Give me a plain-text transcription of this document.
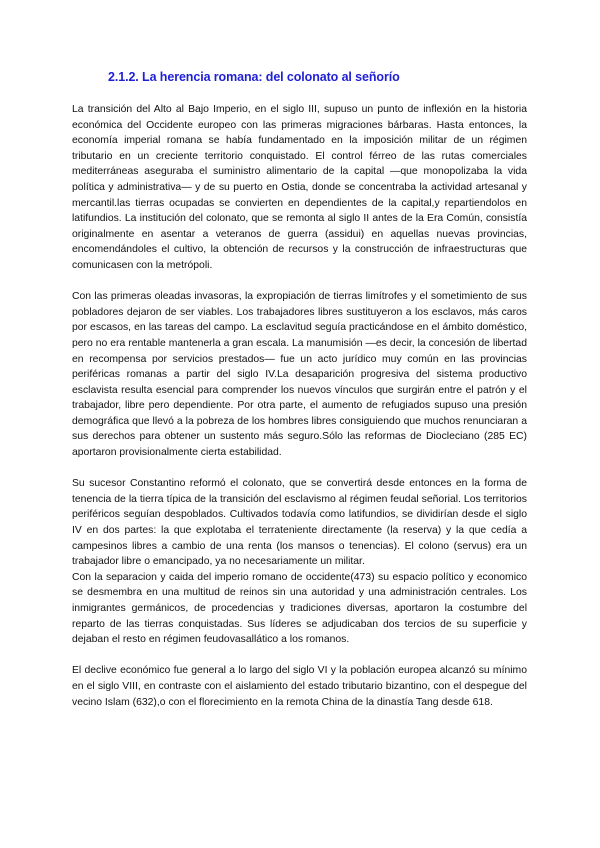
2.1.2. La herencia romana: del colonato al señorío

La transición del Alto al Bajo Imperio, en el siglo III, supuso un punto de inflexión en la historia económica del Occidente europeo con las primeras migraciones bárbaras. Hasta entonces, la economía imperial romana se había fundamentado en la imposición militar de un régimen tributario en un creciente territorio conquistado. El control férreo de las rutas comerciales mediterráneas aseguraba el suministro alimentario de la capital —que monopolizaba la vida política y administrativa— y de su puerto en Ostia, donde se concentraba la actividad artesanal y mercantil.las tierras ocupadas se convierten en dependientes de la capital,y repartiendolos en latifundios. La institución del colonato, que se remonta al siglo II antes de la Era Común, consistía originalmente en asentar a veteranos de guerra (assidui) en aquellas nuevas provincias, encomendándoles el cultivo, la obtención de recursos y la construcción de infraestructuras que comunicasen con la metrópoli.

Con las primeras oleadas invasoras, la expropiación de tierras limítrofes y el sometimiento de sus pobladores dejaron de ser viables. Los trabajadores libres sustituyeron a los esclavos, más caros por escasos, en las tareas del campo. La esclavitud seguía practicándose en el ámbito doméstico, pero no era rentable mantenerla a gran escala. La manumisión —es decir, la concesión de libertad en recompensa por servicios prestados— fue un acto jurídico muy común en las provincias periféricas romanas a partir del siglo IV.La desaparición progresiva del sistema productivo esclavista resulta esencial para comprender los nuevos vínculos que surgirán entre el patrón y el trabajador, libre pero dependiente. Por otra parte, el aumento de refugiados supuso una presión demográfica que llevó a la pobreza de los hombres libres consiguiendo que muchos renunciaran a sus derechos para obtener un sustento más seguro.Sólo las reformas de Diocleciano (285 EC) aportaron provisionalmente cierta estabilidad.

Su sucesor Constantino reformó el colonato, que se convertirá desde entonces en la forma de tenencia de la tierra típica de la transición del esclavismo al régimen feudal señorial. Los territorios periféricos seguían despoblados. Cultivados todavía como latifundios, se dividirían desde el siglo IV en dos partes: la que explotaba el terrateniente directamente (la reserva) y la que cedía a campesinos libres a cambio de una renta (los mansos o tenencias). El colono (servus) era un trabajador libre o emancipado, ya no necesariamente un militar.

Con la separacion y caida del imperio romano de occidente(473) su espacio político y economico se desmembra en una multitud de reinos sin una autoridad y una administración centrales. Los inmigrantes germánicos, de procedencias y tradiciones diversas, aportaron la costumbre del reparto de las tierras conquistadas. Sus líderes se adjudicaban dos tercios de su superficie y dejaban el resto en régimen feudovasallático a los romanos.

El declive económico fue general a lo largo del siglo VI y la población europea alcanzó su mínimo en el siglo VIII, en contraste con el aislamiento del estado tributario bizantino, con el despegue del vecino Islam (632),o con el florecimiento en la remota China de la dinastía Tang desde 618.
